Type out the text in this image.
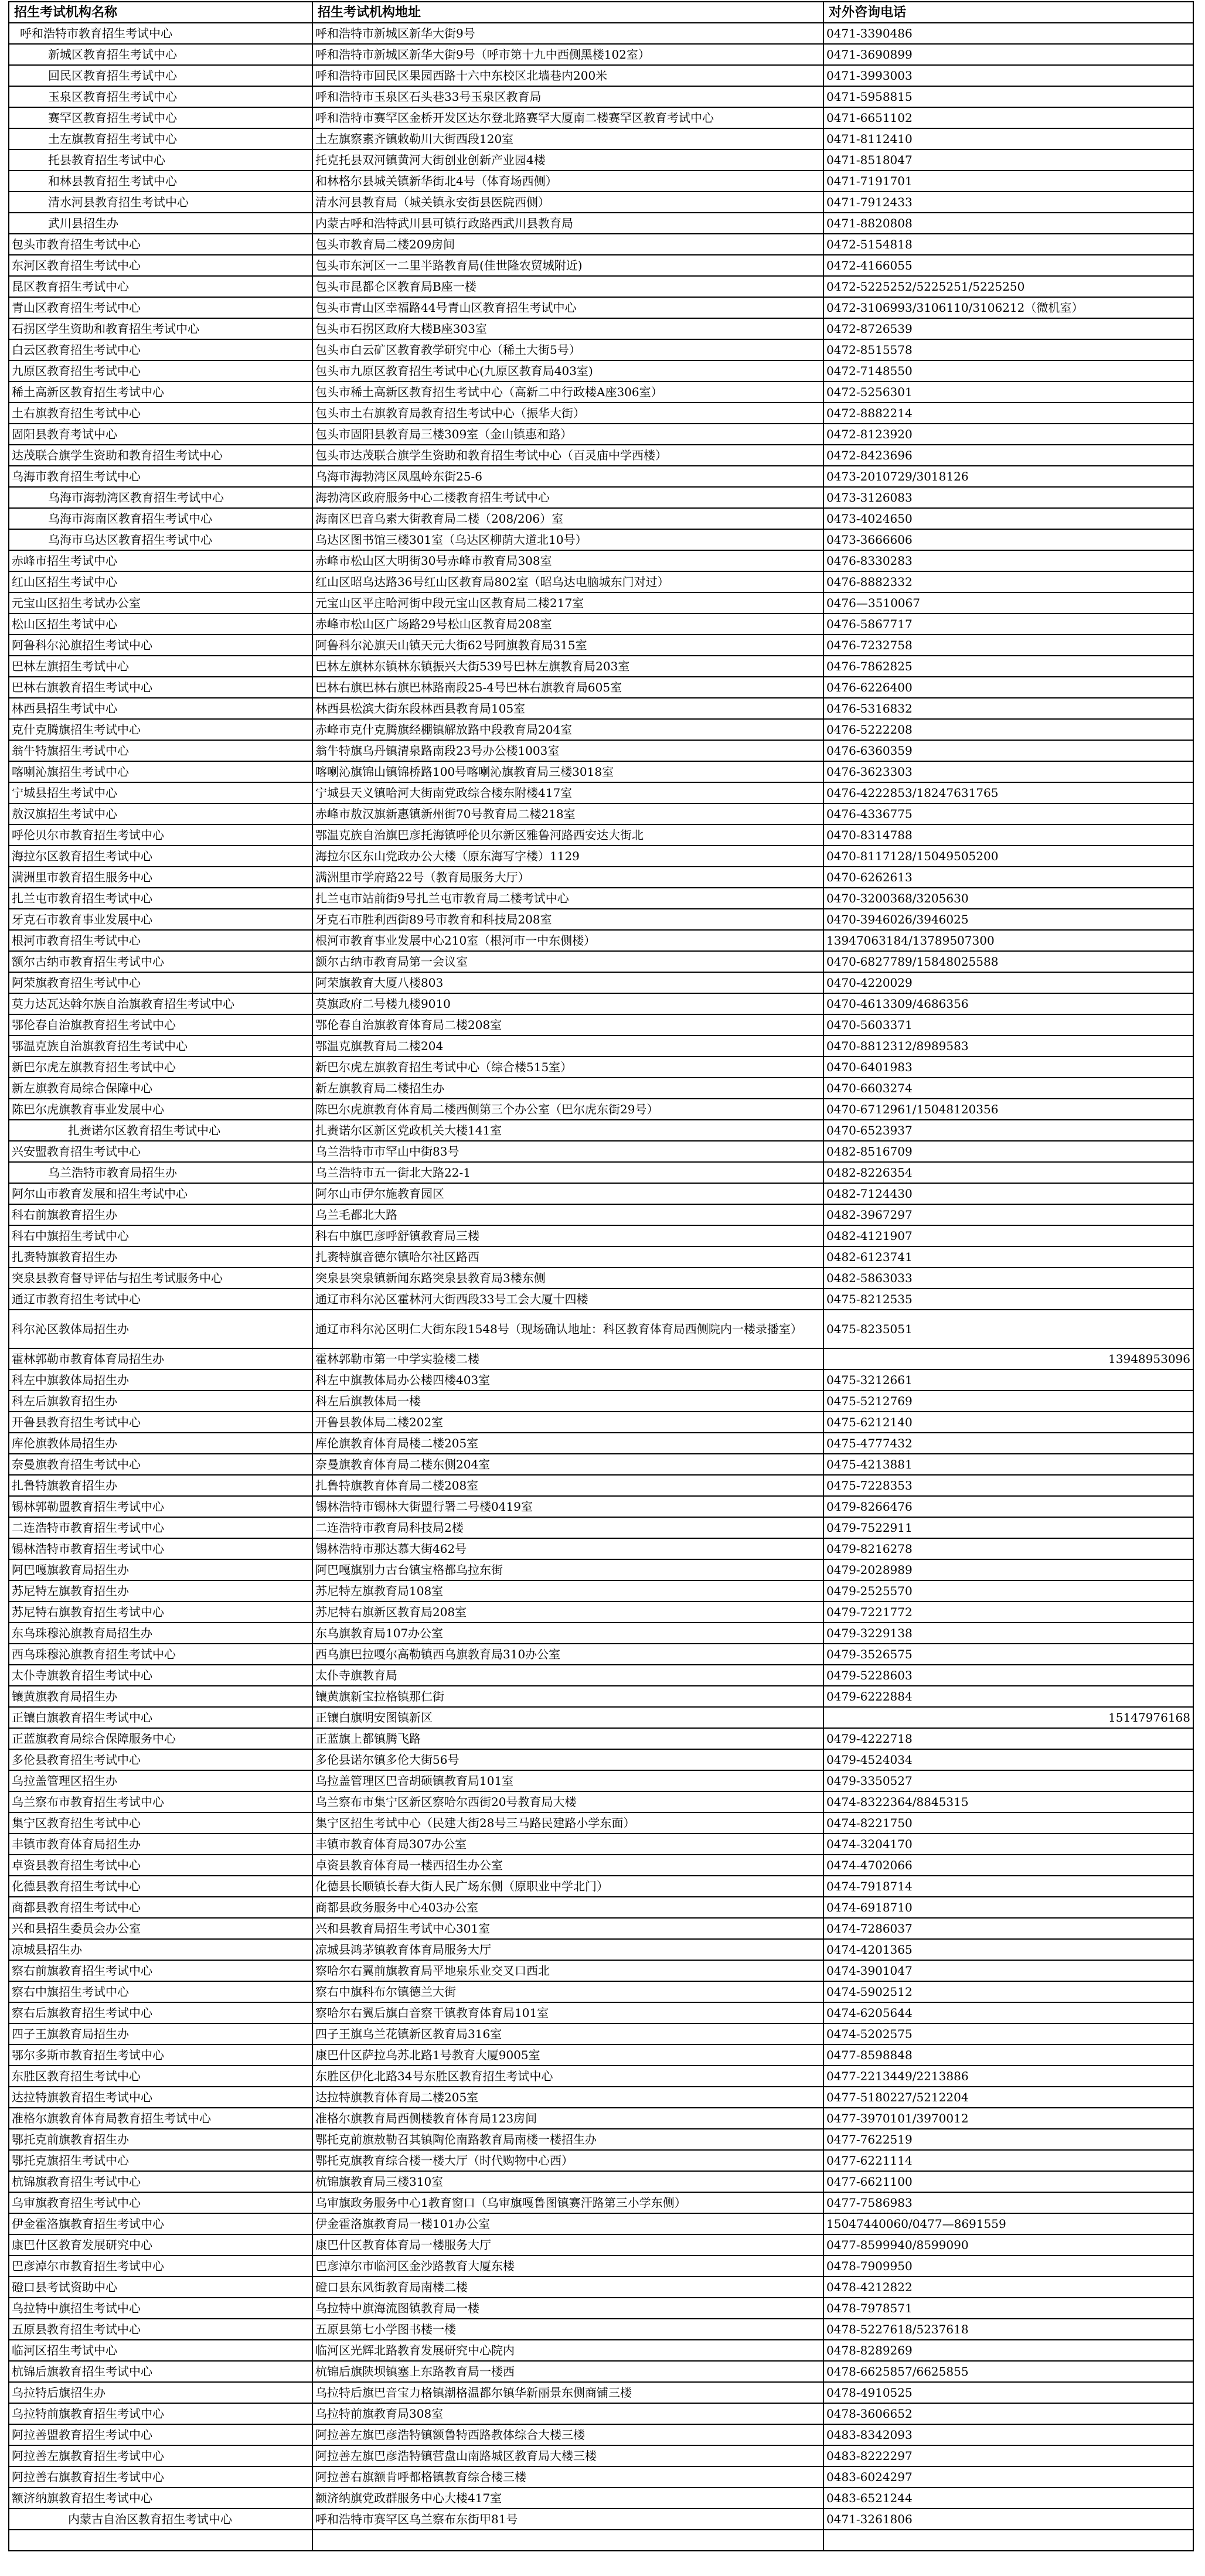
招生考试机构名称	招生考试机构地址	对外咨询电话
呼和浩特市教育招生考试中心	呼和浩特市新城区新华大街9号	0471-3390486
新城区教育招生考试中心	呼和浩特市新城区新华大街9号（呼市第十九中西侧黑楼102室）	0471-3690899
回民区教育招生考试中心	呼和浩特市回民区果园西路十六中东校区北墙巷内200米	0471-3993003
玉泉区教育招生考试中心	呼和浩特市玉泉区石头巷33号玉泉区教育局	0471-5958815
赛罕区教育招生考试中心	呼和浩特市赛罕区金桥开发区达尔登北路赛罕大厦南二楼赛罕区教育考试中心	0471-6651102
土左旗教育招生考试中心	土左旗察素齐镇敕勒川大街西段120室	0471-8112410
托县教育招生考试中心	托克托县双河镇黄河大街创业创新产业园4楼	0471-8518047
和林县教育招生考试中心	和林格尔县城关镇新华街北4号（体育场西侧）	0471-7191701
清水河县教育招生考试中心	清水河县教育局（城关镇永安街县医院西侧）	0471-7912433
武川县招生办	内蒙古呼和浩特武川县可镇行政路西武川县教育局	0471-8820808
包头市教育招生考试中心	包头市教育局二楼209房间	0472-5154818
东河区教育招生考试中心	包头市东河区一二里半路教育局(佳世隆农贸城附近)	0472-4166055
昆区教育招生考试中心	包头市昆都仑区教育局B座一楼	0472-5225252/5225251/5225250
青山区教育招生考试中心	包头市青山区幸福路44号青山区教育招生考试中心	0472-3106993/3106110/3106212（微机室）
石拐区学生资助和教育招生考试中心	包头市石拐区政府大楼B座303室	0472-8726539
白云区教育招生考试中心	包头市白云矿区教育教学研究中心（稀土大街5号）	0472-8515578
九原区教育招生考试中心	包头市九原区教育招生考试中心(九原区教育局403室)	0472-7148550
稀土高新区教育招生考试中心	包头市稀土高新区教育招生考试中心（高新二中行政楼A座306室）	0472-5256301
土右旗教育招生考试中心	包头市土右旗教育局教育招生考试中心（振华大街）	0472-8882214
固阳县教育考试中心	包头市固阳县教育局三楼309室（金山镇惠和路）	0472-8123920
达茂联合旗学生资助和教育招生考试中心	包头市达茂联合旗学生资助和教育招生考试中心（百灵庙中学西楼）	0472-8423696
乌海市教育招生考试中心	乌海市海勃湾区凤凰岭东街25-6	0473-2010729/3018126
乌海市海勃湾区教育招生考试中心	海勃湾区政府服务中心二楼教育招生考试中心	0473-3126083
乌海市海南区教育招生考试中心	海南区巴音乌素大街教育局二楼（208/206）室	0473-4024650
乌海市乌达区教育招生考试中心	乌达区图书馆三楼301室（乌达区柳荫大道北10号）	0473-3666606
赤峰市招生考试中心	赤峰市松山区大明街30号赤峰市教育局308室	0476-8330283
红山区招生考试中心	红山区昭乌达路36号红山区教育局802室（昭乌达电脑城东门对过）	0476-8882332
元宝山区招生考试办公室	元宝山区平庄哈河街中段元宝山区教育局二楼217室	0476—3510067
松山区招生考试中心	赤峰市松山区广场路29号松山区教育局208室	0476-5867717
阿鲁科尔沁旗招生考试中心	阿鲁科尔沁旗天山镇天元大街62号阿旗教育局315室	0476-7232758
巴林左旗招生考试中心	巴林左旗林东镇林东镇振兴大街539号巴林左旗教育局203室	0476-7862825
巴林右旗教育招生考试中心	巴林右旗巴林右旗巴林路南段25-4号巴林右旗教育局605室	0476-6226400
林西县招生考试中心	林西县松滨大街东段林西县教育局105室	0476-5316832
克什克腾旗招生考试中心	赤峰市克什克腾旗经棚镇解放路中段教育局204室	0476-5222208
翁牛特旗招生考试中心	翁牛特旗乌丹镇清泉路南段23号办公楼1003室	0476-6360359
喀喇沁旗招生考试中心	喀喇沁旗锦山镇锦桥路100号喀喇沁旗教育局三楼3018室	0476-3623303
宁城县招生考试中心	宁城县天义镇哈河大街南党政综合楼东附楼417室	0476-4222853/18247631765
敖汉旗招生考试中心	赤峰市敖汉旗新惠镇新州街70号教育局二楼218室	0476-4336775
呼伦贝尔市教育招生考试中心	鄂温克族自治旗巴彦托海镇呼伦贝尔新区雅鲁河路西安达大街北	0470-8314788
海拉尔区教育招生考试中心	海拉尔区东山党政办公大楼（原东海写字楼）1129	0470-8117128/15049505200
满洲里市教育招生服务中心	满洲里市学府路22号（教育局服务大厅）	0470-6262613
扎兰屯市教育招生考试中心	扎兰屯市站前街9号扎兰屯市教育局二楼考试中心	0470-3200368/3205630
牙克石市教育事业发展中心	牙克石市胜利西街89号市教育和科技局208室	0470-3946026/3946025
根河市教育招生考试中心	根河市教育事业发展中心210室（根河市一中东侧楼）	13947063184/13789507300
额尔古纳市教育招生考试中心	额尔古纳市教育局第一会议室	0470-6827789/15848025588
阿荣旗教育招生考试中心	阿荣旗教育大厦八楼803	0470-4220029
莫力达瓦达斡尔族自治旗教育招生考试中心	莫旗政府二号楼九楼9010	0470-4613309/4686356
鄂伦春自治旗教育招生考试中心	鄂伦春自治旗教育体育局二楼208室	0470-5603371
鄂温克族自治旗教育招生考试中心	鄂温克旗教育局二楼204	0470-8812312/8989583
新巴尔虎左旗教育招生考试中心	新巴尔虎左旗教育招生考试中心（综合楼515室）	0470-6401983
新左旗教育局综合保障中心	新左旗教育局二楼招生办	0470-6603274
陈巴尔虎旗教育事业发展中心	陈巴尔虎旗教育体育局二楼西侧第三个办公室（巴尔虎东街29号）	0470-6712961/15048120356
扎赉诺尔区教育招生考试中心	扎赉诺尔区新区党政机关大楼141室	0470-6523937
兴安盟教育招生考试中心	乌兰浩特市市罕山中街83号	0482-8516709
乌兰浩特市教育局招生办	乌兰浩特市五一街北大路22-1	0482-8226354
阿尔山市教育发展和招生考试中心	阿尔山市伊尔施教育园区	0482-7124430
科右前旗教育招生办	乌兰毛都北大路	0482-3967297
科右中旗招生考试中心	科右中旗巴彦呼舒镇教育局三楼	0482-4121907
扎赉特旗教育招生办	扎赉特旗音德尔镇哈尔社区路西	0482-6123741
突泉县教育督导评估与招生考试服务中心	突泉县突泉镇新闻东路突泉县教育局3楼东侧	0482-5863033
通辽市教育招生考试中心	通辽市科尔沁区霍林河大街西段33号工会大厦十四楼	0475-8212535
科尔沁区教体局招生办	通辽市科尔沁区明仁大街东段1548号（现场确认地址：科区教育体育局西侧院内一楼录播室）	0475-8235051
霍林郭勒市教育体育局招生办	霍林郭勒市第一中学实验楼二楼	13948953096
科左中旗教体局招生办	科左中旗教体局办公楼四楼403室	0475-3212661
科左后旗教育招生办	科左后旗教体局一楼	0475-5212769
开鲁县教育招生考试中心	开鲁县教体局二楼202室	0475-6212140
库伦旗教体局招生办	库伦旗教育体育局楼二楼205室	0475-4777432
奈曼旗教育招生考试中心	奈曼旗教育体育局二楼东侧204室	0475-4213881
扎鲁特旗教育招生办	扎鲁特旗教育体育局二楼208室	0475-7228353
锡林郭勒盟教育招生考试中心	锡林浩特市锡林大街盟行署二号楼0419室	0479-8266476
二连浩特市教育招生考试中心	二连浩特市教育局科技局2楼	0479-7522911
锡林浩特市教育招生考试中心	锡林浩特市那达慕大街462号	0479-8216278
阿巴嘎旗教育局招生办	阿巴嘎旗别力古台镇宝格都乌拉东街	0479-2028989
苏尼特左旗教育招生办	苏尼特左旗教育局108室	0479-2525570
苏尼特右旗教育招生考试中心	苏尼特右旗新区教育局208室	0479-7221772
东乌珠穆沁旗教育局招生办	东乌旗教育局107办公室	0479-3229138
西乌珠穆沁旗教育招生考试中心	西乌旗巴拉嘎尔高勒镇西乌旗教育局310办公室	0479-3526575
太仆寺旗教育招生考试中心	太仆寺旗教育局	0479-5228603
镶黄旗教育局招生办	镶黄旗新宝拉格镇那仁街	0479-6222884
正镶白旗教育招生考试中心	正镶白旗明安图镇新区	15147976168
正蓝旗教育局综合保障服务中心	正蓝旗上都镇腾飞路	0479-4222718
多伦县教育招生考试中心	多伦县诺尔镇多伦大街56号	0479-4524034
乌拉盖管理区招生办	乌拉盖管理区巴音胡硕镇教育局101室	0479-3350527
乌兰察布市教育招生考试中心	乌兰察布市集宁区新区察哈尔西街20号教育局大楼	0474-8322364/8845315
集宁区教育招生考试中心	集宁区招生考试中心（民建大街28号三马路民建路小学东面）	0474-8221750
丰镇市教育体育局招生办	丰镇市教育体育局307办公室	0474-3204170
卓资县教育招生考试中心	卓资县教育体育局一楼西招生办公室	0474-4702066
化德县教育招生考试中心	化德县长顺镇长春大街人民广场东侧（原职业中学北门）	0474-7918714
商都县教育招生考试中心	商都县政务服务中心403办公室	0474-6918710
兴和县招生委员会办公室	兴和县教育局招生考试中心301室	0474-7286037
凉城县招生办	凉城县鸿茅镇教育体育局服务大厅	0474-4201365
察右前旗教育招生考试中心	察哈尔右翼前旗教育局平地泉乐业交叉口西北	0474-3901047
察右中旗招生考试中心	察右中旗科布尔镇德兰大街	0474-5902512
察右后旗教育招生考试中心	察哈尔右翼后旗白音察干镇教育体育局101室	0474-6205644
四子王旗教育局招生办	四子王旗乌兰花镇新区教育局316室	0474-5202575
鄂尔多斯市教育招生考试中心	康巴什区萨拉乌苏北路1号教育大厦9005室	0477-8598848
东胜区教育招生考试中心	东胜区伊化北路34号东胜区教育招生考试中心	0477-2213449/2213886
达拉特旗教育招生考试中心	达拉特旗教育体育局二楼205室	0477-5180227/5212204
准格尔旗教育体育局教育招生考试中心	准格尔旗教育局西侧楼教育体育局123房间	0477-3970101/3970012
鄂托克前旗教育招生办	鄂托克前旗敖勒召其镇陶伦南路教育局南楼一楼招生办	0477-7622519
鄂托克旗招生考试中心	鄂托克旗教育综合楼一楼大厅（时代购物中心西）	0477-6221114
杭锦旗教育招生考试中心	杭锦旗教育局三楼310室	0477-6621100
乌审旗教育招生考试中心	乌审旗政务服务中心1教育窗口（乌审旗嘎鲁图镇赛汗路第三小学东侧）	0477-7586983
伊金霍洛旗教育招生考试中心	伊金霍洛旗教育局一楼101办公室	15047440060/0477—8691559
康巴什区教育发展研究中心	康巴什区教育体育局一楼服务大厅	0477-8599940/8599090
巴彦淖尔市教育招生考试中心	巴彦淖尔市临河区金沙路教育大厦东楼	0478-7909950
磴口县考试资助中心	磴口县东风街教育局南楼二楼	0478-4212822
乌拉特中旗招生考试中心	乌拉特中旗海流图镇教育局一楼	0478-7978571
五原县教育招生考试中心	五原县第七小学图书楼一楼	0478-5227618/5237618
临河区招生考试中心	临河区光辉北路教育发展研究中心院内	0478-8289269
杭锦后旗教育招生考试中心	杭锦后旗陕坝镇塞上东路教育局一楼西	0478-6625857/6625855
乌拉特后旗招生办	乌拉特后旗巴音宝力格镇潮格温都尔镇华新丽景东侧商铺三楼	0478-4910525
乌拉特前旗教育招生考试中心	乌拉特前旗教育局308室	0478-3606652
阿拉善盟教育招生考试中心	阿拉善左旗巴彦浩特镇额鲁特西路教体综合大楼三楼	0483-8342093
阿拉善左旗教育招生考试中心	阿拉善左旗巴彦浩特镇营盘山南路城区教育局大楼三楼	0483-8222297
阿拉善右旗教育招生考试中心	阿拉善右旗额肯呼都格镇教育综合楼三楼	0483-6024297
额济纳旗教育招生考试中心	额济纳旗党政群服务中心大楼417室	0483-6521244
内蒙古自治区教育招生考试中心	呼和浩特市赛罕区乌兰察布东街甲81号	0471-3261806
